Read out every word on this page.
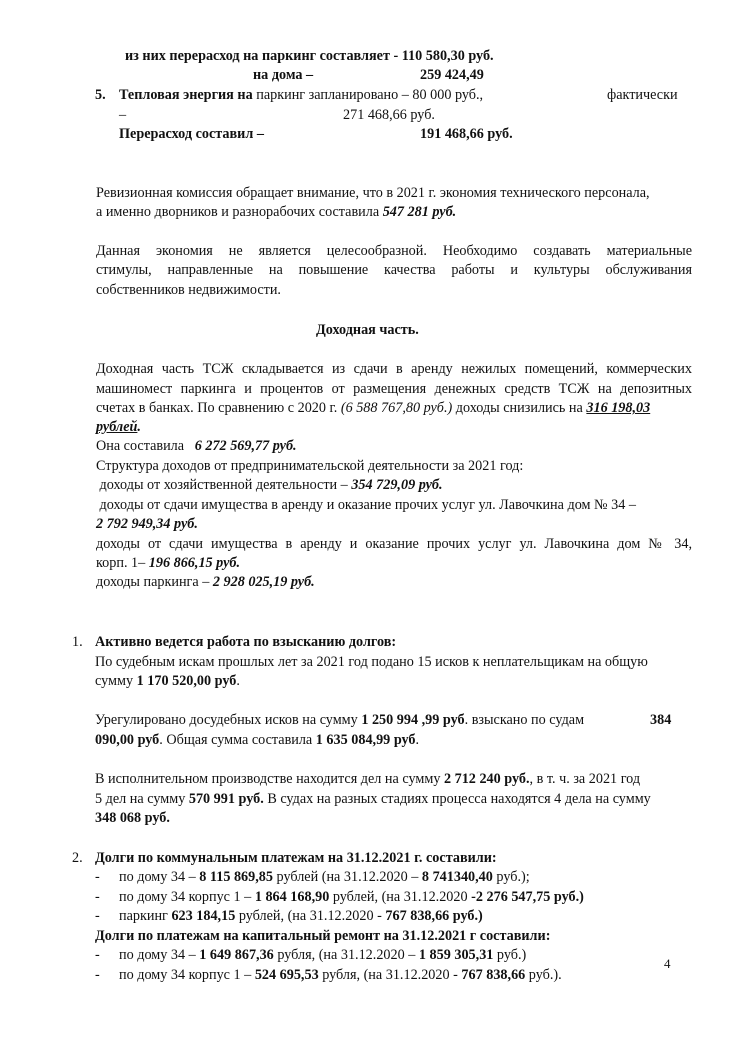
из них перерасход на паркинг составляет - 110 580,30 руб.
на дома –	259 424,49
5. Тепловая энергия на паркинг запланировано – 80 000 руб.,	фактически
–	271 468,66 руб.
Перерасход составил –	191 468,66 руб.
Ревизионная комиссия обращает внимание, что в 2021 г. экономия технического персонала,
а именно дворников и разнорабочих составила 547 281 руб.
Данная экономия не является целесообразной. Необходимо создавать материальные
стимулы, направленные на повышение качества работы и культуры обслуживания
собственников недвижимости.
Доходная часть.
Доходная часть ТСЖ складывается из сдачи в аренду нежилых помещений, коммерческих
машиномест паркинга и процентов от размещения денежных средств ТСЖ на депозитных
счетах в банках. По сравнению с 2020 г. (6 588 767,80 руб.) доходы снизились на 316 198,03
рублей.
Она составила   6 272 569,77 руб.
Структура доходов от предпринимательской деятельности за 2021 год:
доходы от хозяйственной деятельности – 354 729,09 руб.
доходы от сдачи имущества в аренду и оказание прочих услуг ул. Лавочкина дом № 34 –
2 792 949,34 руб.
доходы от сдачи имущества в аренду и оказание прочих услуг ул. Лавочкина дом № 34,
корп. 1– 196 866,15 руб.
доходы паркинга – 2 928 025,19 руб.
1. Активно ведется работа по взысканию долгов:
По судебным искам прошлых лет за 2021 год подано 15 исков к неплательщикам на общую
сумму 1 170 520,00 руб.
Урегулировано досудебных исков на сумму 1 250 994 ,99 руб. взыскано по судам	384
090,00 руб. Общая сумма составила 1 635 084,99 руб.
В исполнительном производстве находится дел на сумму 2 712 240 руб., в т. ч. за 2021 год
5 дел на сумму 570 991 руб. В судах на разных стадиях процесса находятся 4 дела на сумму
348 068 руб.
2. Долги по коммунальным платежам на 31.12.2021 г. составили:
- по дому 34 – 8 115 869,85 рублей (на 31.12.2020 – 8 741340,40 руб.);
- по дому 34 корпус 1 – 1 864 168,90 рублей, (на 31.12.2020 -2 276 547,75 руб.)
- паркинг 623 184,15 рублей, (на 31.12.2020 - 767 838,66 руб.)
Долги по платежам на капитальный ремонт на 31.12.2021 г составили:
- по дому 34 – 1 649 867,36 рубля, (на 31.12.2020 – 1 859 305,31 руб.)
- по дому 34 корпус 1 – 524 695,53 рубля, (на 31.12.2020 - 767 838,66 руб.).
4
